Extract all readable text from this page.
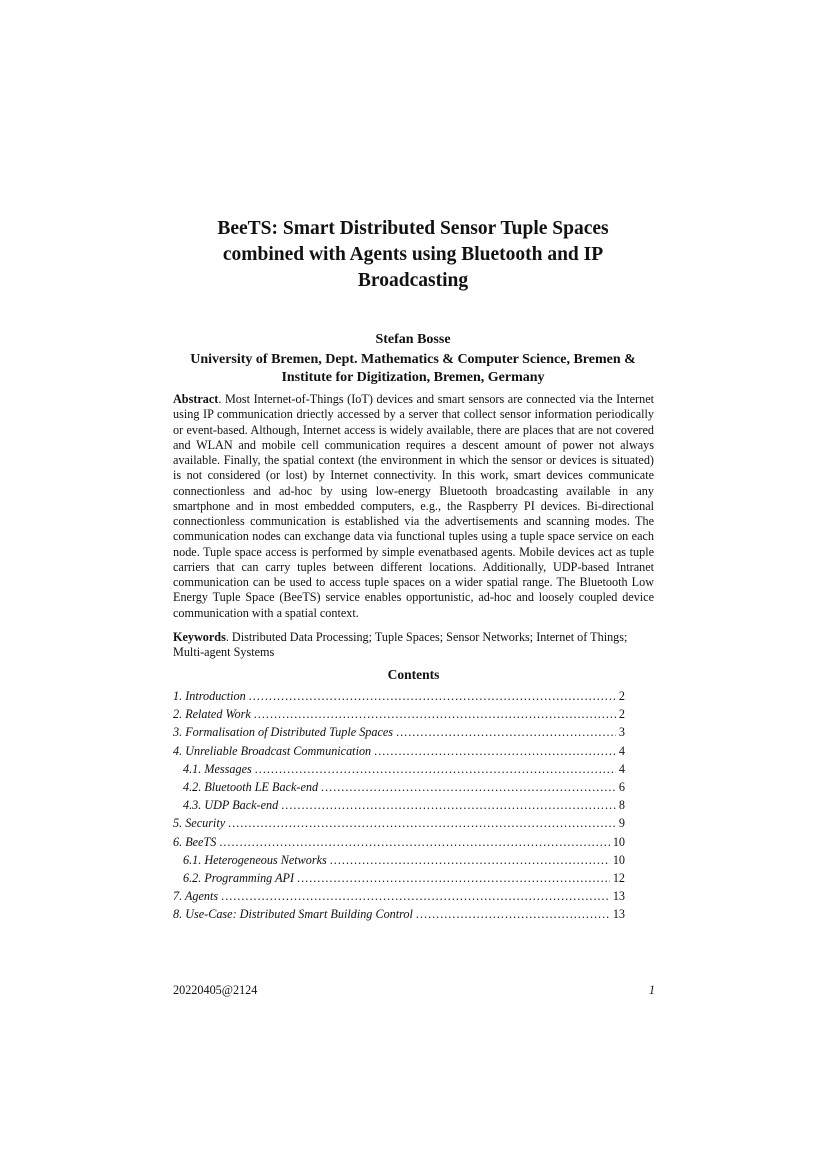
BeeTS: Smart Distributed Sensor Tuple Spaces
combined with Agents using Bluetooth and IP
Broadcasting
Stefan Bosse
University of Bremen, Dept. Mathematics & Computer Science, Bremen &
Institute for Digitization, Bremen, Germany

Abstract. Most Internet-of-Things (IoT) devices and smart sensors are connected via the Internet using IP communication driectly accessed by a server that collect sensor information periodically or event-based. Although, Internet access is widely available, there are places that are not covered and WLAN and mobile cell communication requires a descent amount of power not always available. Finally, the spatial context (the environment in which the sensor or devices is situated) is not considered (or lost) by Internet connectivity. In this work, smart devices communicate connectionless and ad-hoc by using low-energy Bluetooth broadcasting available in any smartphone and in most embedded computers, e.g., the Raspberry PI devices. Bi-directional connectionless communication is established via the advertisements and scanning modes. The communication nodes can exchange data via functional tuples using a tuple space service on each node. Tuple space access is performed by simple evenatbased agents. Mobile devices act as tuple carriers that can carry tuples between different locations. Additionally, UDP-based Intranet communication can be used to access tuple spaces on a wider spatial range. The Bluetooth Low Energy Tuple Space (BeeTS) service enables opportunistic, ad-hoc and loosely coupled device communication with a spatial context.

Keywords. Distributed Data Processing; Tuple Spaces; Sensor Networks; Internet of Things; Multi-agent Systems

Contents
1. Introduction .....	2
2. Related Work .....	2
3. Formalisation of Distributed Tuple Spaces .....	3
4. Unreliable Broadcast Communication .....	4
4.1. Messages .....	4
4.2. Bluetooth LE Back-end .....	6
4.3. UDP Back-end .....	8
5. Security .....	9
6. BeeTS .....	10
6.1. Heterogeneous Networks .....	10
6.2. Programming API .....	12
7. Agents .....	13
8. Use-Case: Distributed Smart Building Control .....	13
20220405@2124	1
